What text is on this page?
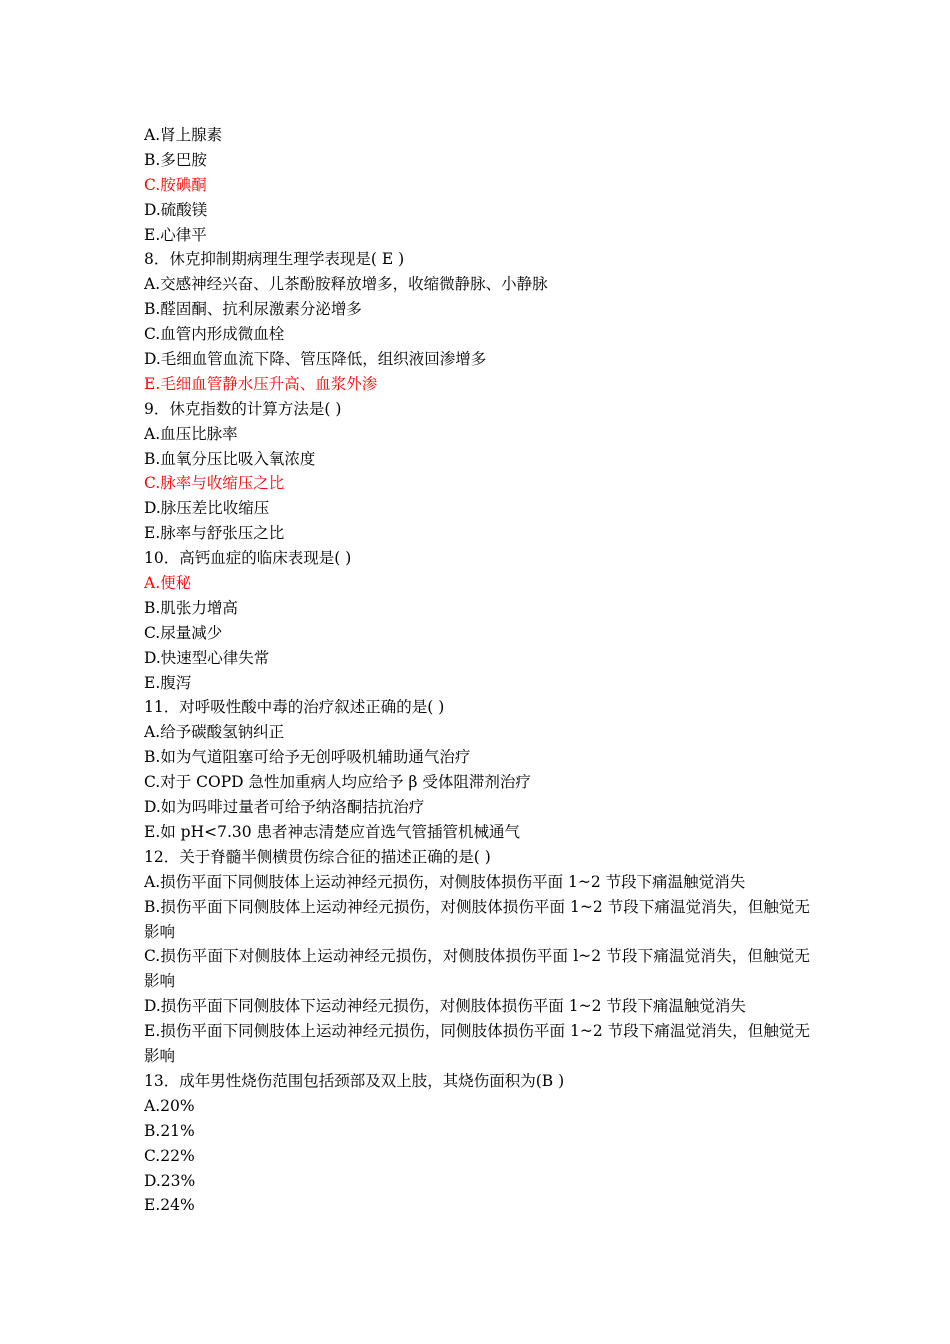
A.肾上腺素
B.多巴胺
C.胺碘酮
D.硫酸镁
E.心律平
8．休克抑制期病理生理学表现是( E )
A.交感神经兴奋、儿茶酚胺释放增多，收缩微静脉、小静脉
B.醛固酮、抗利尿激素分泌增多
C.血管内形成微血栓
D.毛细血管血流下降、管压降低，组织液回渗增多
E.毛细血管静水压升高、血浆外渗
9．休克指数的计算方法是( )
A.血压比脉率
B.血氧分压比吸入氧浓度
C.脉率与收缩压之比
D.脉压差比收缩压
E.脉率与舒张压之比
10．高钙血症的临床表现是( )
A.便秘
B.肌张力增高
C.尿量减少
D.快速型心律失常
E.腹泻
11．对呼吸性酸中毒的治疗叙述正确的是( )
A.给予碳酸氢钠纠正
B.如为气道阻塞可给予无创呼吸机辅助通气治疗
C.对于 COPD 急性加重病人均应给予 β 受体阻滞剂治疗
D.如为吗啡过量者可给予纳洛酮拮抗治疗
E.如 pH<7.30 患者神志清楚应首选气管插管机械通气
12．关于脊髓半侧横贯伤综合征的描述正确的是( )
A.损伤平面下同侧肢体上运动神经元损伤，对侧肢体损伤平面 1~2 节段下痛温触觉消失
B.损伤平面下同侧肢体上运动神经元损伤，对侧肢体损伤平面 1~2 节段下痛温觉消失，但触觉无影响
C.损伤平面下对侧肢体上运动神经元损伤，对侧肢体损伤平面 l~2 节段下痛温觉消失，但触觉无影响
D.损伤平面下同侧肢体下运动神经元损伤，对侧肢体损伤平面 1~2 节段下痛温触觉消失
E.损伤平面下同侧肢体上运动神经元损伤，同侧肢体损伤平面 1~2 节段下痛温觉消失，但触觉无影响
13．成年男性烧伤范围包括颈部及双上肢，其烧伤面积为(B )
A.20%
B.21%
C.22%
D.23%
E.24%
